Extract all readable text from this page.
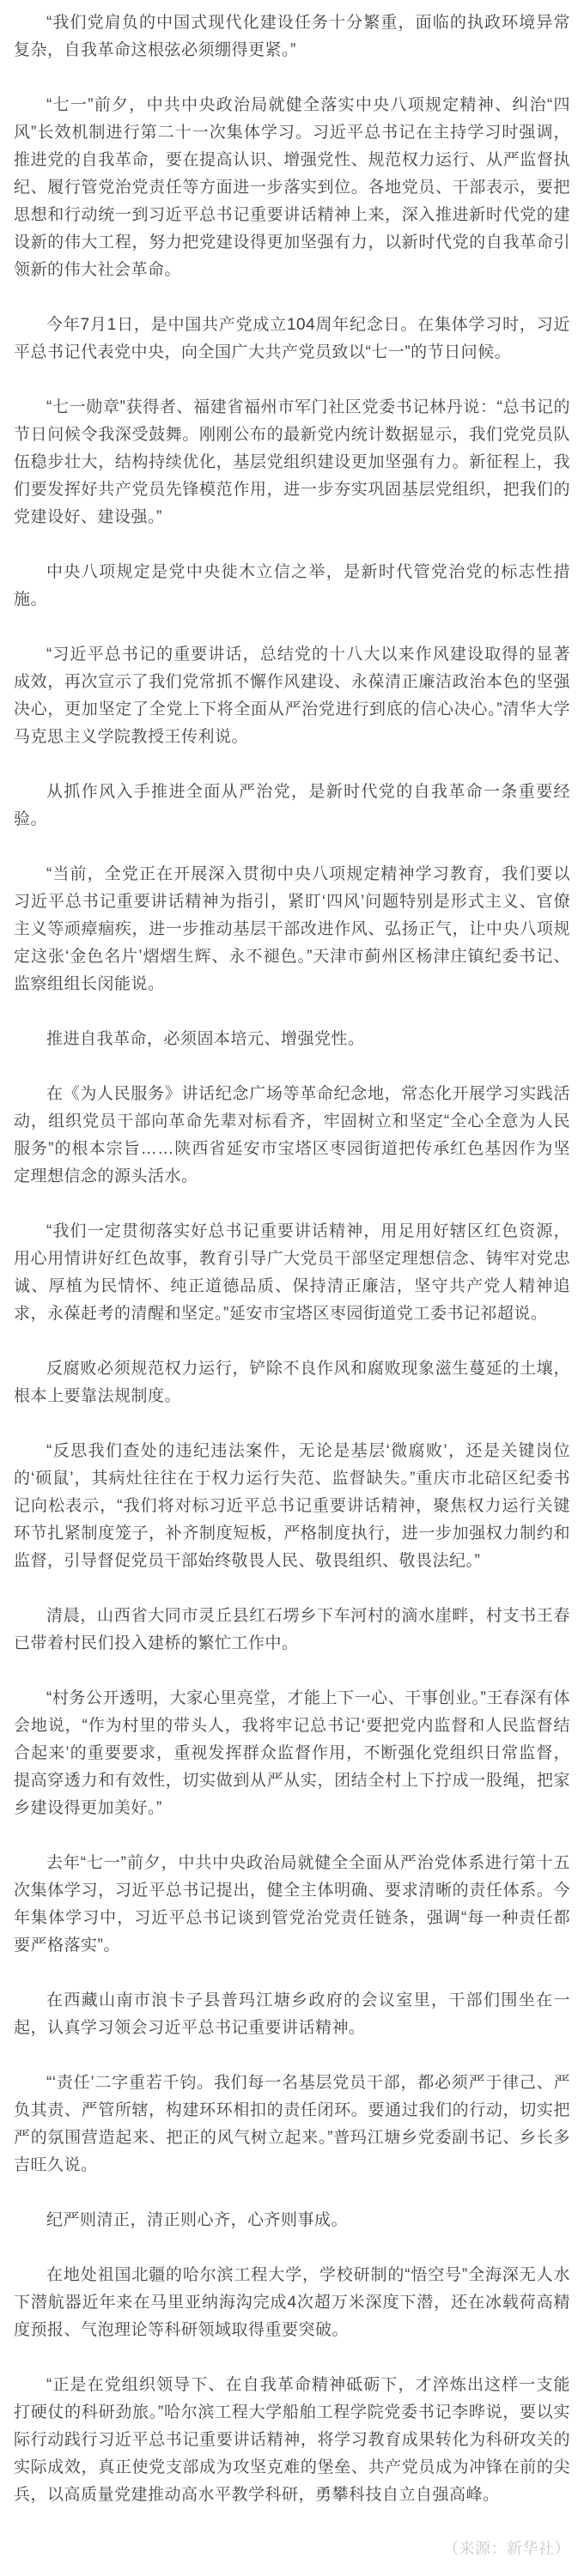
“我们党肩负的中国式现代化建设任务十分繁重，面临的执政环境异常复杂，自我革命这根弦必须绷得更紧。”

“七一”前夕，中共中央政治局就健全落实中央八项规定精神、纠治“四风”长效机制进行第二十一次集体学习。习近平总书记在主持学习时强调，推进党的自我革命，要在提高认识、增强党性、规范权力运行、从严监督执纪、履行管党治党责任等方面进一步落实到位。各地党员、干部表示，要把思想和行动统一到习近平总书记重要讲话精神上来，深入推进新时代党的建设新的伟大工程，努力把党建设得更加坚强有力，以新时代党的自我革命引领新的伟大社会革命。

今年7月1日，是中国共产党成立104周年纪念日。在集体学习时，习近平总书记代表党中央，向全国广大共产党员致以“七一”的节日问候。

“七一勋章”获得者、福建省福州市军门社区党委书记林丹说：“总书记的节日问候令我深受鼓舞。刚刚公布的最新党内统计数据显示，我们党党员队伍稳步壮大，结构持续优化，基层党组织建设更加坚强有力。新征程上，我们要发挥好共产党员先锋模范作用，进一步夯实巩固基层党组织，把我们的党建设好、建设强。”

中央八项规定是党中央徙木立信之举，是新时代管党治党的标志性措施。

“习近平总书记的重要讲话，总结党的十八大以来作风建设取得的显著成效，再次宣示了我们党常抓不懈作风建设、永葆清正廉洁政治本色的坚强决心，更加坚定了全党上下将全面从严治党进行到底的信心决心。”清华大学马克思主义学院教授王传利说。

从抓作风入手推进全面从严治党，是新时代党的自我革命一条重要经验。

“当前，全党正在开展深入贯彻中央八项规定精神学习教育，我们要以习近平总书记重要讲话精神为指引，紧盯‘四风’问题特别是形式主义、官僚主义等顽瘴痼疾，进一步推动基层干部改进作风、弘扬正气，让中央八项规定这张‘金色名片’熠熠生辉、永不褪色。”天津市蓟州区杨津庄镇纪委书记、监察组组长闵能说。

推进自我革命，必须固本培元、增强党性。

在《为人民服务》讲话纪念广场等革命纪念地，常态化开展学习实践活动，组织党员干部向革命先辈对标看齐，牢固树立和坚定“全心全意为人民服务”的根本宗旨……陕西省延安市宝塔区枣园街道把传承红色基因作为坚定理想信念的源头活水。

“我们一定贯彻落实好总书记重要讲话精神，用足用好辖区红色资源，用心用情讲好红色故事，教育引导广大党员干部坚定理想信念、铸牢对党忠诚、厚植为民情怀、纯正道德品质、保持清正廉洁，坚守共产党人精神追求，永葆赶考的清醒和坚定。”延安市宝塔区枣园街道党工委书记祁超说。

反腐败必须规范权力运行，铲除不良作风和腐败现象滋生蔓延的土壤，根本上要靠法规制度。

“反思我们查处的违纪违法案件，无论是基层‘微腐败’，还是关键岗位的‘硕鼠’，其病灶往往在于权力运行失范、监督缺失。”重庆市北碚区纪委书记向松表示，“我们将对标习近平总书记重要讲话精神，聚焦权力运行关键环节扎紧制度笼子，补齐制度短板，严格制度执行，进一步加强权力制约和监督，引导督促党员干部始终敬畏人民、敬畏组织、敬畏法纪。”

清晨，山西省大同市灵丘县红石塄乡下车河村的滴水崖畔，村支书王春已带着村民们投入建桥的繁忙工作中。

“村务公开透明，大家心里亮堂，才能上下一心、干事创业。”王春深有体会地说，“作为村里的带头人，我将牢记总书记‘要把党内监督和人民监督结合起来’的重要要求，重视发挥群众监督作用，不断强化党组织日常监督，提高穿透力和有效性，切实做到从严从实，团结全村上下拧成一股绳，把家乡建设得更加美好。”

去年“七一”前夕，中共中央政治局就健全全面从严治党体系进行第十五次集体学习，习近平总书记提出，健全主体明确、要求清晰的责任体系。今年集体学习中，习近平总书记谈到管党治党责任链条，强调“每一种责任都要严格落实”。

在西藏山南市浪卡子县普玛江塘乡政府的会议室里，干部们围坐在一起，认真学习领会习近平总书记重要讲话精神。

“‘责任’二字重若千钧。我们每一名基层党员干部，都必须严于律己、严负其责、严管所辖，构建环环相扣的责任闭环。要通过我们的行动，切实把严的氛围营造起来、把正的风气树立起来。”普玛江塘乡党委副书记、乡长多吉旺久说。

纪严则清正，清正则心齐，心齐则事成。

在地处祖国北疆的哈尔滨工程大学，学校研制的“悟空号”全海深无人水下潜航器近年来在马里亚纳海沟完成4次超万米深度下潜，还在冰载荷高精度预报、气泡理论等科研领域取得重要突破。

“正是在党组织领导下、在自我革命精神砥砺下，才淬炼出这样一支能打硬仗的科研劲旅。”哈尔滨工程大学船舶工程学院党委书记李晔说，要以实际行动践行习近平总书记重要讲话精神，将学习教育成果转化为科研攻关的实际成效，真正使党支部成为攻坚克难的堡垒、共产党员成为冲锋在前的尖兵，以高质量党建推动高水平教学科研，勇攀科技自立自强高峰。

（来源：新华社）
